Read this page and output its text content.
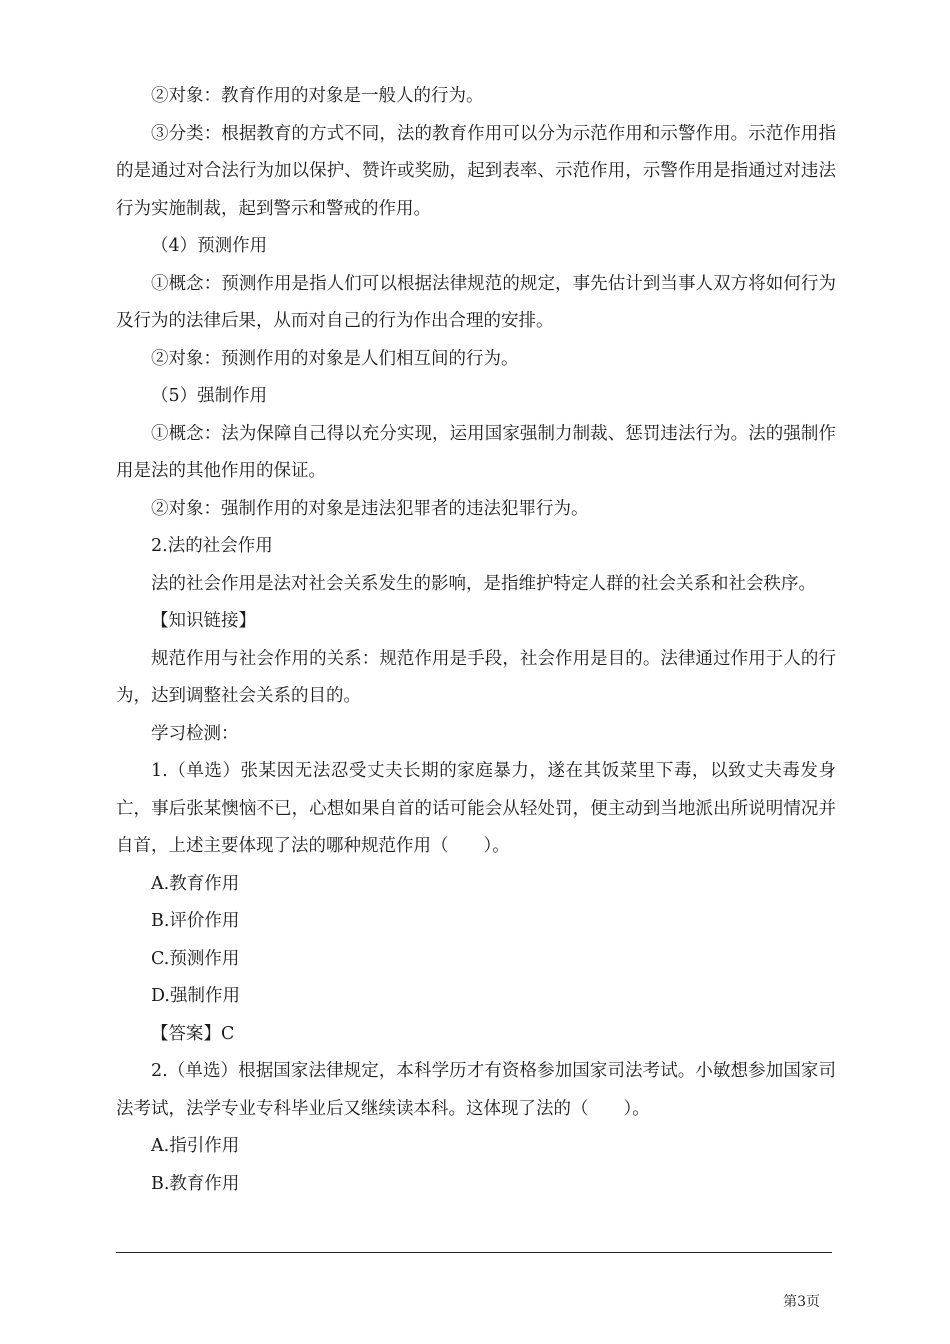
②对象：教育作用的对象是一般人的行为。

③分类：根据教育的方式不同，法的教育作用可以分为示范作用和示警作用。示范作用指的是通过对合法行为加以保护、赞许或奖励，起到表率、示范作用，示警作用是指通过对违法行为实施制裁，起到警示和警戒的作用。

（4）预测作用

①概念：预测作用是指人们可以根据法律规范的规定，事先估计到当事人双方将如何行为及行为的法律后果，从而对自己的行为作出合理的安排。

②对象：预测作用的对象是人们相互间的行为。

（5）强制作用

①概念：法为保障自己得以充分实现，运用国家强制力制裁、惩罚违法行为。法的强制作用是法的其他作用的保证。

②对象：强制作用的对象是违法犯罪者的违法犯罪行为。

2.法的社会作用

法的社会作用是法对社会关系发生的影响，是指维护特定人群的社会关系和社会秩序。

【知识链接】

规范作用与社会作用的关系：规范作用是手段，社会作用是目的。法律通过作用于人的行为，达到调整社会关系的目的。

学习检测：

1.（单选）张某因无法忍受丈夫长期的家庭暴力，遂在其饭菜里下毒，以致丈夫毒发身亡，事后张某懊恼不已，心想如果自首的话可能会从轻处罚，便主动到当地派出所说明情况并自首，上述主要体现了法的哪种规范作用（　　）。

A.教育作用

B.评价作用

C.预测作用

D.强制作用

【答案】C

2.（单选）根据国家法律规定，本科学历才有资格参加国家司法考试。小敏想参加国家司法考试，法学专业专科毕业后又继续读本科。这体现了法的（　　）。

A.指引作用

B.教育作用

第3页
